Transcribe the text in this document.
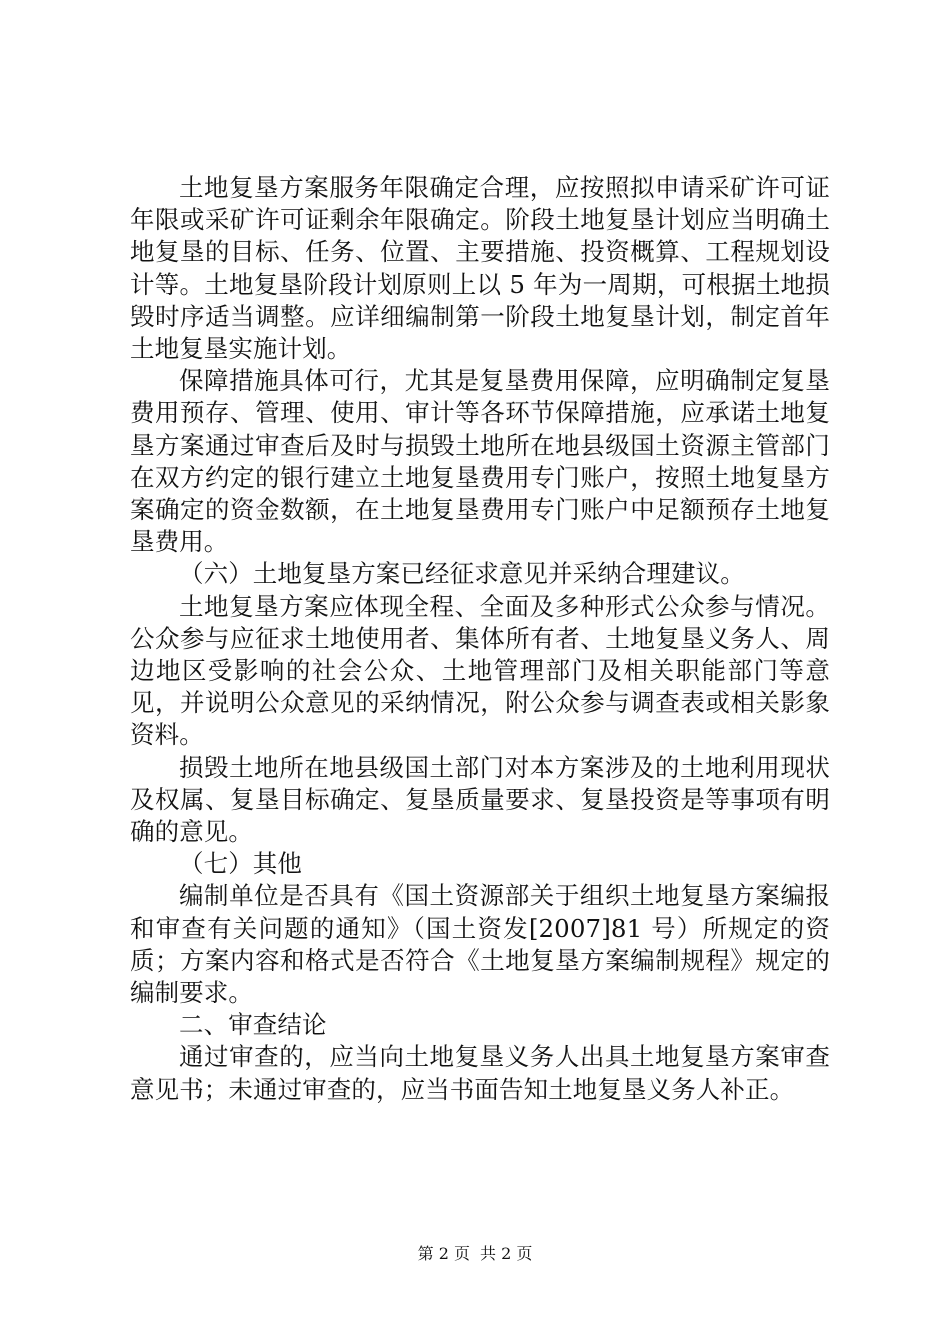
土地复垦方案服务年限确定合理，应按照拟申请采矿许可证年限或采矿许可证剩余年限确定。阶段土地复垦计划应当明确土地复垦的目标、任务、位置、主要措施、投资概算、工程规划设计等。土地复垦阶段计划原则上以 5 年为一周期，可根据土地损毁时序适当调整。应详细编制第一阶段土地复垦计划，制定首年土地复垦实施计划。

保障措施具体可行，尤其是复垦费用保障，应明确制定复垦费用预存、管理、使用、审计等各环节保障措施，应承诺土地复垦方案通过审查后及时与损毁土地所在地县级国土资源主管部门在双方约定的银行建立土地复垦费用专门账户，按照土地复垦方案确定的资金数额，在土地复垦费用专门账户中足额预存土地复垦费用。

（六）土地复垦方案已经征求意见并采纳合理建议。

土地复垦方案应体现全程、全面及多种形式公众参与情况。公众参与应征求土地使用者、集体所有者、土地复垦义务人、周边地区受影响的社会公众、土地管理部门及相关职能部门等意见，并说明公众意见的采纳情况，附公众参与调查表或相关影象资料。

损毁土地所在地县级国土部门对本方案涉及的土地利用现状及权属、复垦目标确定、复垦质量要求、复垦投资是等事项有明确的意见。

（七）其他

编制单位是否具有《国土资源部关于组织土地复垦方案编报和审查有关问题的通知》（国土资发[2007]81 号）所规定的资质；方案内容和格式是否符合《土地复垦方案编制规程》规定的编制要求。

二、审查结论

通过审查的，应当向土地复垦义务人出具土地复垦方案审查意见书；未通过审查的，应当书面告知土地复垦义务人补正。

第 2 页 共 2 页
